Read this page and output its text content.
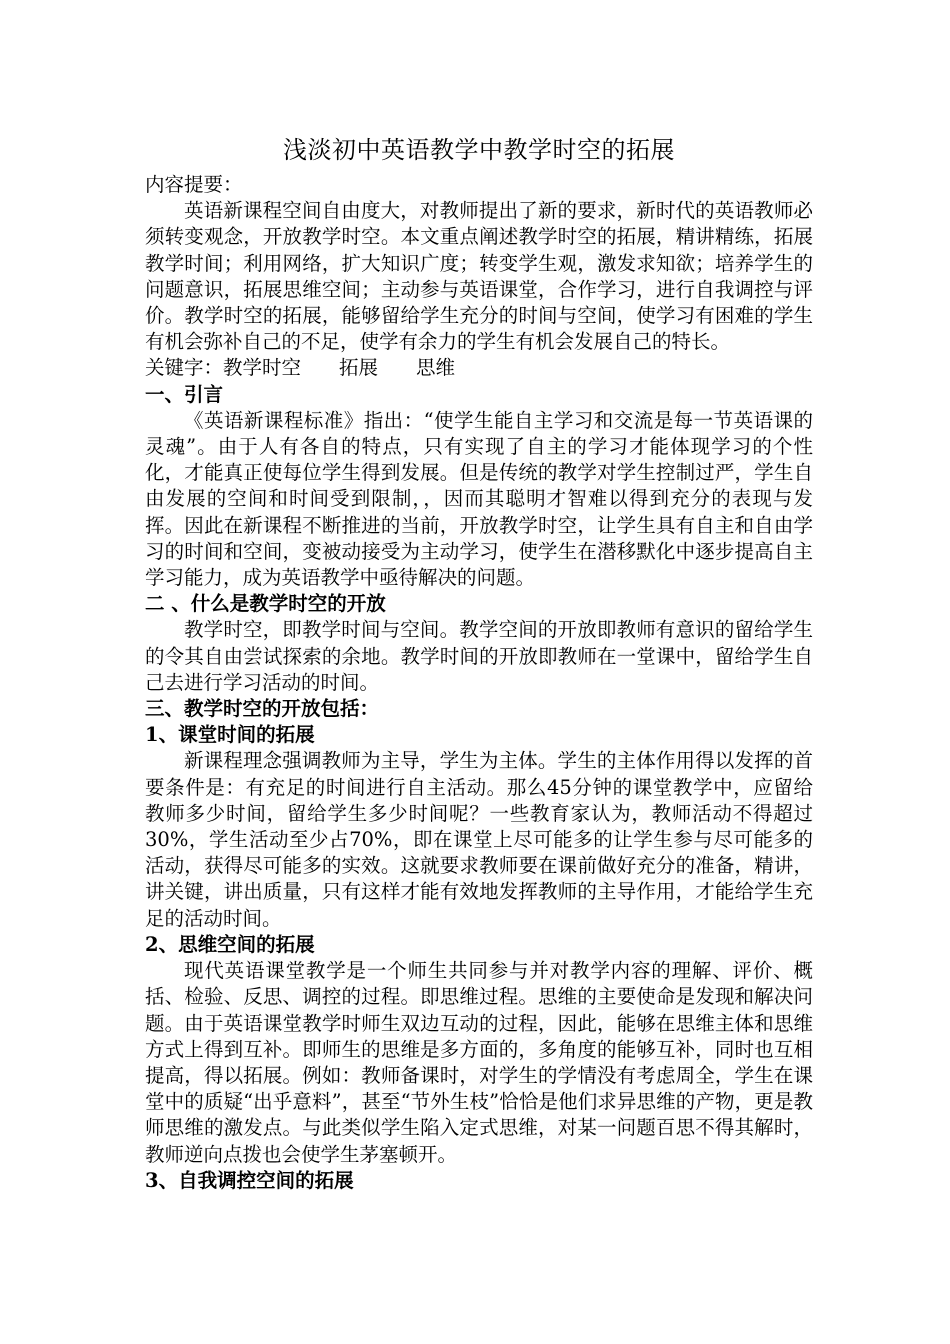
浅淡初中英语教学中教学时空的拓展

内容提要：

英语新课程空间自由度大，对教师提出了新的要求，新时代的英语教师必须转变观念，开放教学时空。本文重点阐述教学时空的拓展，精讲精练，拓展教学时间；利用网络，扩大知识广度；转变学生观，激发求知欲；培养学生的问题意识，拓展思维空间；主动参与英语课堂，合作学习，进行自我调控与评价。教学时空的拓展，能够留给学生充分的时间与空间，使学习有困难的学生有机会弥补自己的不足，使学有余力的学生有机会发展自己的特长。

关键字：教学时空 拓展 思维

一、引言

《英语新课程标准》指出：“使学生能自主学习和交流是每一节英语课的灵魂”。由于人有各自的特点，只有实现了自主的学习才能体现学习的个性化，才能真正使每位学生得到发展。但是传统的教学对学生控制过严，学生自由发展的空间和时间受到限制，，因而其聪明才智难以得到充分的表现与发挥。因此在新课程不断推进的当前，开放教学时空，让学生具有自主和自由学习的时间和空间，变被动接受为主动学习，使学生在潜移默化中逐步提高自主学习能力，成为英语教学中亟待解决的问题。

二 、什么是教学时空的开放

教学时空，即教学时间与空间。教学空间的开放即教师有意识的留给学生的令其自由尝试探索的余地。教学时间的开放即教师在一堂课中，留给学生自己去进行学习活动的时间。

三、教学时空的开放包括：

1、课堂时间的拓展

新课程理念强调教师为主导，学生为主体。学生的主体作用得以发挥的首要条件是：有充足的时间进行自主活动。那么45分钟的课堂教学中，应留给教师多少时间，留给学生多少时间呢？一些教育家认为，教师活动不得超过30%，学生活动至少占70%，即在课堂上尽可能多的让学生参与尽可能多的活动，获得尽可能多的实效。这就要求教师要在课前做好充分的准备，精讲，讲关键，讲出质量，只有这样才能有效地发挥教师的主导作用，才能给学生充足的活动时间。

2、思维空间的拓展

现代英语课堂教学是一个师生共同参与并对教学内容的理解、评价、概括、检验、反思、调控的过程。即思维过程。思维的主要使命是发现和解决问题。由于英语课堂教学时师生双边互动的过程，因此，能够在思维主体和思维方式上得到互补。即师生的思维是多方面的，多角度的能够互补，同时也互相提高，得以拓展。例如：教师备课时，对学生的学情没有考虑周全，学生在课堂中的质疑“出乎意料”，甚至“节外生枝”恰恰是他们求异思维的产物，更是教师思维的激发点。与此类似学生陷入定式思维，对某一问题百思不得其解时，教师逆向点拨也会使学生茅塞顿开。

3、自我调控空间的拓展
